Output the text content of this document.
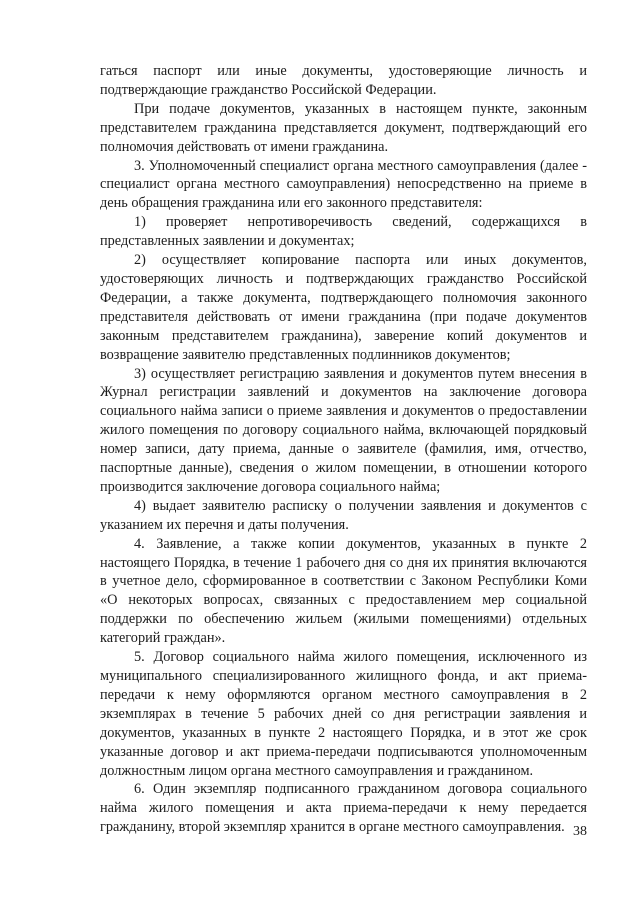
гаться паспорт или иные документы, удостоверяющие личность и подтверждающие гражданство Российской Федерации.

При подаче документов, указанных в настоящем пункте, законным представителем гражданина представляется документ, подтверждающий его полномочия действовать от имени гражданина.

3. Уполномоченный специалист органа местного самоуправления (далее - специалист органа местного самоуправления) непосредственно на приеме в день обращения гражданина или его законного представителя:

1) проверяет непротиворечивость сведений, содержащихся в представленных заявлении и документах;

2) осуществляет копирование паспорта или иных документов, удостоверяющих личность и подтверждающих гражданство Российской Федерации, а также документа, подтверждающего полномочия законного представителя действовать от имени гражданина (при подаче документов законным представителем гражданина), заверение копий документов и возвращение заявителю представленных подлинников документов;

3) осуществляет регистрацию заявления и документов путем внесения в Журнал регистрации заявлений и документов на заключение договора социального найма записи о приеме заявления и документов о предоставлении жилого помещения по договору социального найма, включающей порядковый номер записи, дату приема, данные о заявителе (фамилия, имя, отчество, паспортные данные), сведения о жилом помещении, в отношении которого производится заключение договора социального найма;

4) выдает заявителю расписку о получении заявления и документов с указанием их перечня и даты получения.

4. Заявление, а также копии документов, указанных в пункте 2 настоящего Порядка, в течение 1 рабочего дня со дня их принятия включаются в учетное дело, сформированное в соответствии с Законом Республики Коми «О некоторых вопросах, связанных с предоставлением мер социальной поддержки по обеспечению жильем (жилыми помещениями) отдельных категорий граждан».

5. Договор социального найма жилого помещения, исключенного из муниципального специализированного жилищного фонда, и акт приема-передачи к нему оформляются органом местного самоуправления в 2 экземплярах в течение 5 рабочих дней со дня регистрации заявления и документов, указанных в пункте 2 настоящего Порядка, и в этот же срок указанные договор и акт приема-передачи подписываются уполномоченным должностным лицом органа местного самоуправления и гражданином.

6. Один экземпляр подписанного гражданином договора социального найма жилого помещения и акта приема-передачи к нему передается гражданину, второй экземпляр хранится в органе местного самоуправления. 38
